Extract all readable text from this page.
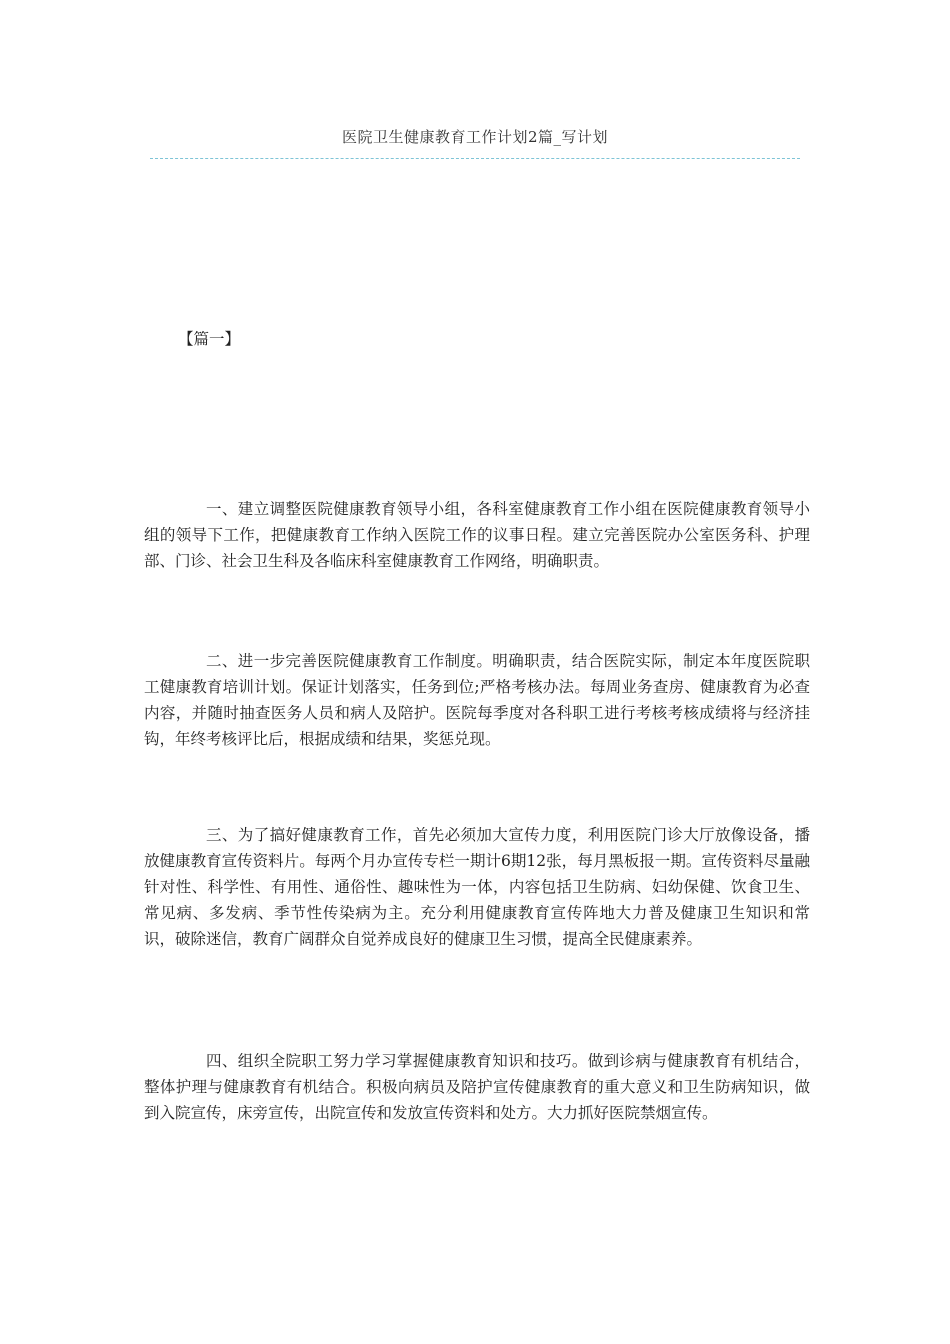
医院卫生健康教育工作计划2篇_写计划
【篇一】

一、建立调整医院健康教育领导小组，各科室健康教育工作小组在医院健康教育领导小组的领导下工作，把健康教育工作纳入医院工作的议事日程。建立完善医院办公室医务科、护理部、门诊、社会卫生科及各临床科室健康教育工作网络，明确职责。

二、进一步完善医院健康教育工作制度。明确职责，结合医院实际，制定本年度医院职工健康教育培训计划。保证计划落实，任务到位;严格考核办法。每周业务查房、健康教育为必查内容，并随时抽查医务人员和病人及陪护。医院每季度对各科职工进行考核考核成绩将与经济挂钩，年终考核评比后，根据成绩和结果，奖惩兑现。

三、为了搞好健康教育工作，首先必须加大宣传力度，利用医院门诊大厅放像设备，播放健康教育宣传资料片。每两个月办宣传专栏一期计6期12张，每月黑板报一期。宣传资料尽量融针对性、科学性、有用性、通俗性、趣味性为一体，内容包括卫生防病、妇幼保健、饮食卫生、常见病、多发病、季节性传染病为主。充分利用健康教育宣传阵地大力普及健康卫生知识和常识，破除迷信，教育广阔群众自觉养成良好的健康卫生习惯，提高全民健康素养。

四、组织全院职工努力学习掌握健康教育知识和技巧。做到诊病与健康教育有机结合，整体护理与健康教育有机结合。积极向病员及陪护宣传健康教育的重大意义和卫生防病知识，做到入院宣传，床旁宣传，出院宣传和发放宣传资料和处方。大力抓好医院禁烟宣传。
